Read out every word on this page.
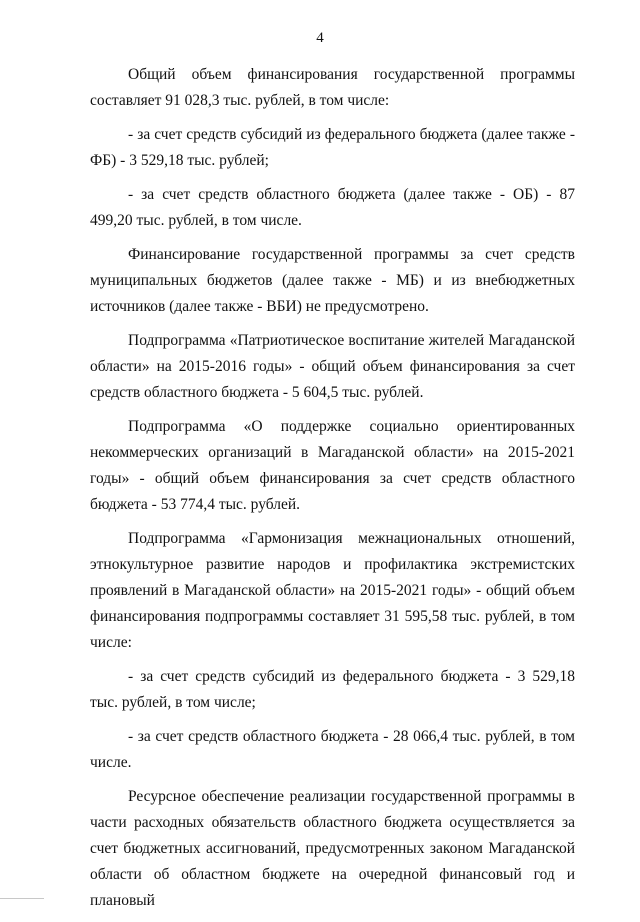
4

Общий объем финансирования государственной программы составляет 91 028,3 тыс. рублей, в том числе:

- за счет средств субсидий из федерального бюджета (далее также - ФБ) - 3 529,18 тыс. рублей;

- за счет средств областного бюджета (далее также - ОБ) - 87 499,20 тыс. рублей, в том числе.

Финансирование государственной программы за счет средств муниципальных бюджетов (далее также - МБ) и из внебюджетных источников (далее также - ВБИ) не предусмотрено.

Подпрограмма «Патриотическое воспитание жителей Магаданской области» на 2015-2016 годы» - общий объем финансирования за счет средств областного бюджета - 5 604,5 тыс. рублей.

Подпрограмма «О поддержке социально ориентированных некоммерческих организаций в Магаданской области» на 2015-2021 годы» - общий объем финансирования за счет средств областного бюджета - 53 774,4 тыс. рублей.

Подпрограмма «Гармонизация межнациональных отношений, этнокультурное развитие народов и профилактика экстремистских проявлений в Магаданской области» на 2015-2021 годы» - общий объем финансирования подпрограммы составляет 31 595,58 тыс. рублей, в том числе:

- за счет средств субсидий из федерального бюджета - 3 529,18 тыс. рублей, в том числе;

- за счет средств областного бюджета - 28 066,4 тыс. рублей, в том числе.

Ресурсное обеспечение реализации государственной программы в части расходных обязательств областного бюджета осуществляется за счет бюджетных ассигнований, предусмотренных законом Магаданской области об областном бюджете на очередной финансовый год и плановый
